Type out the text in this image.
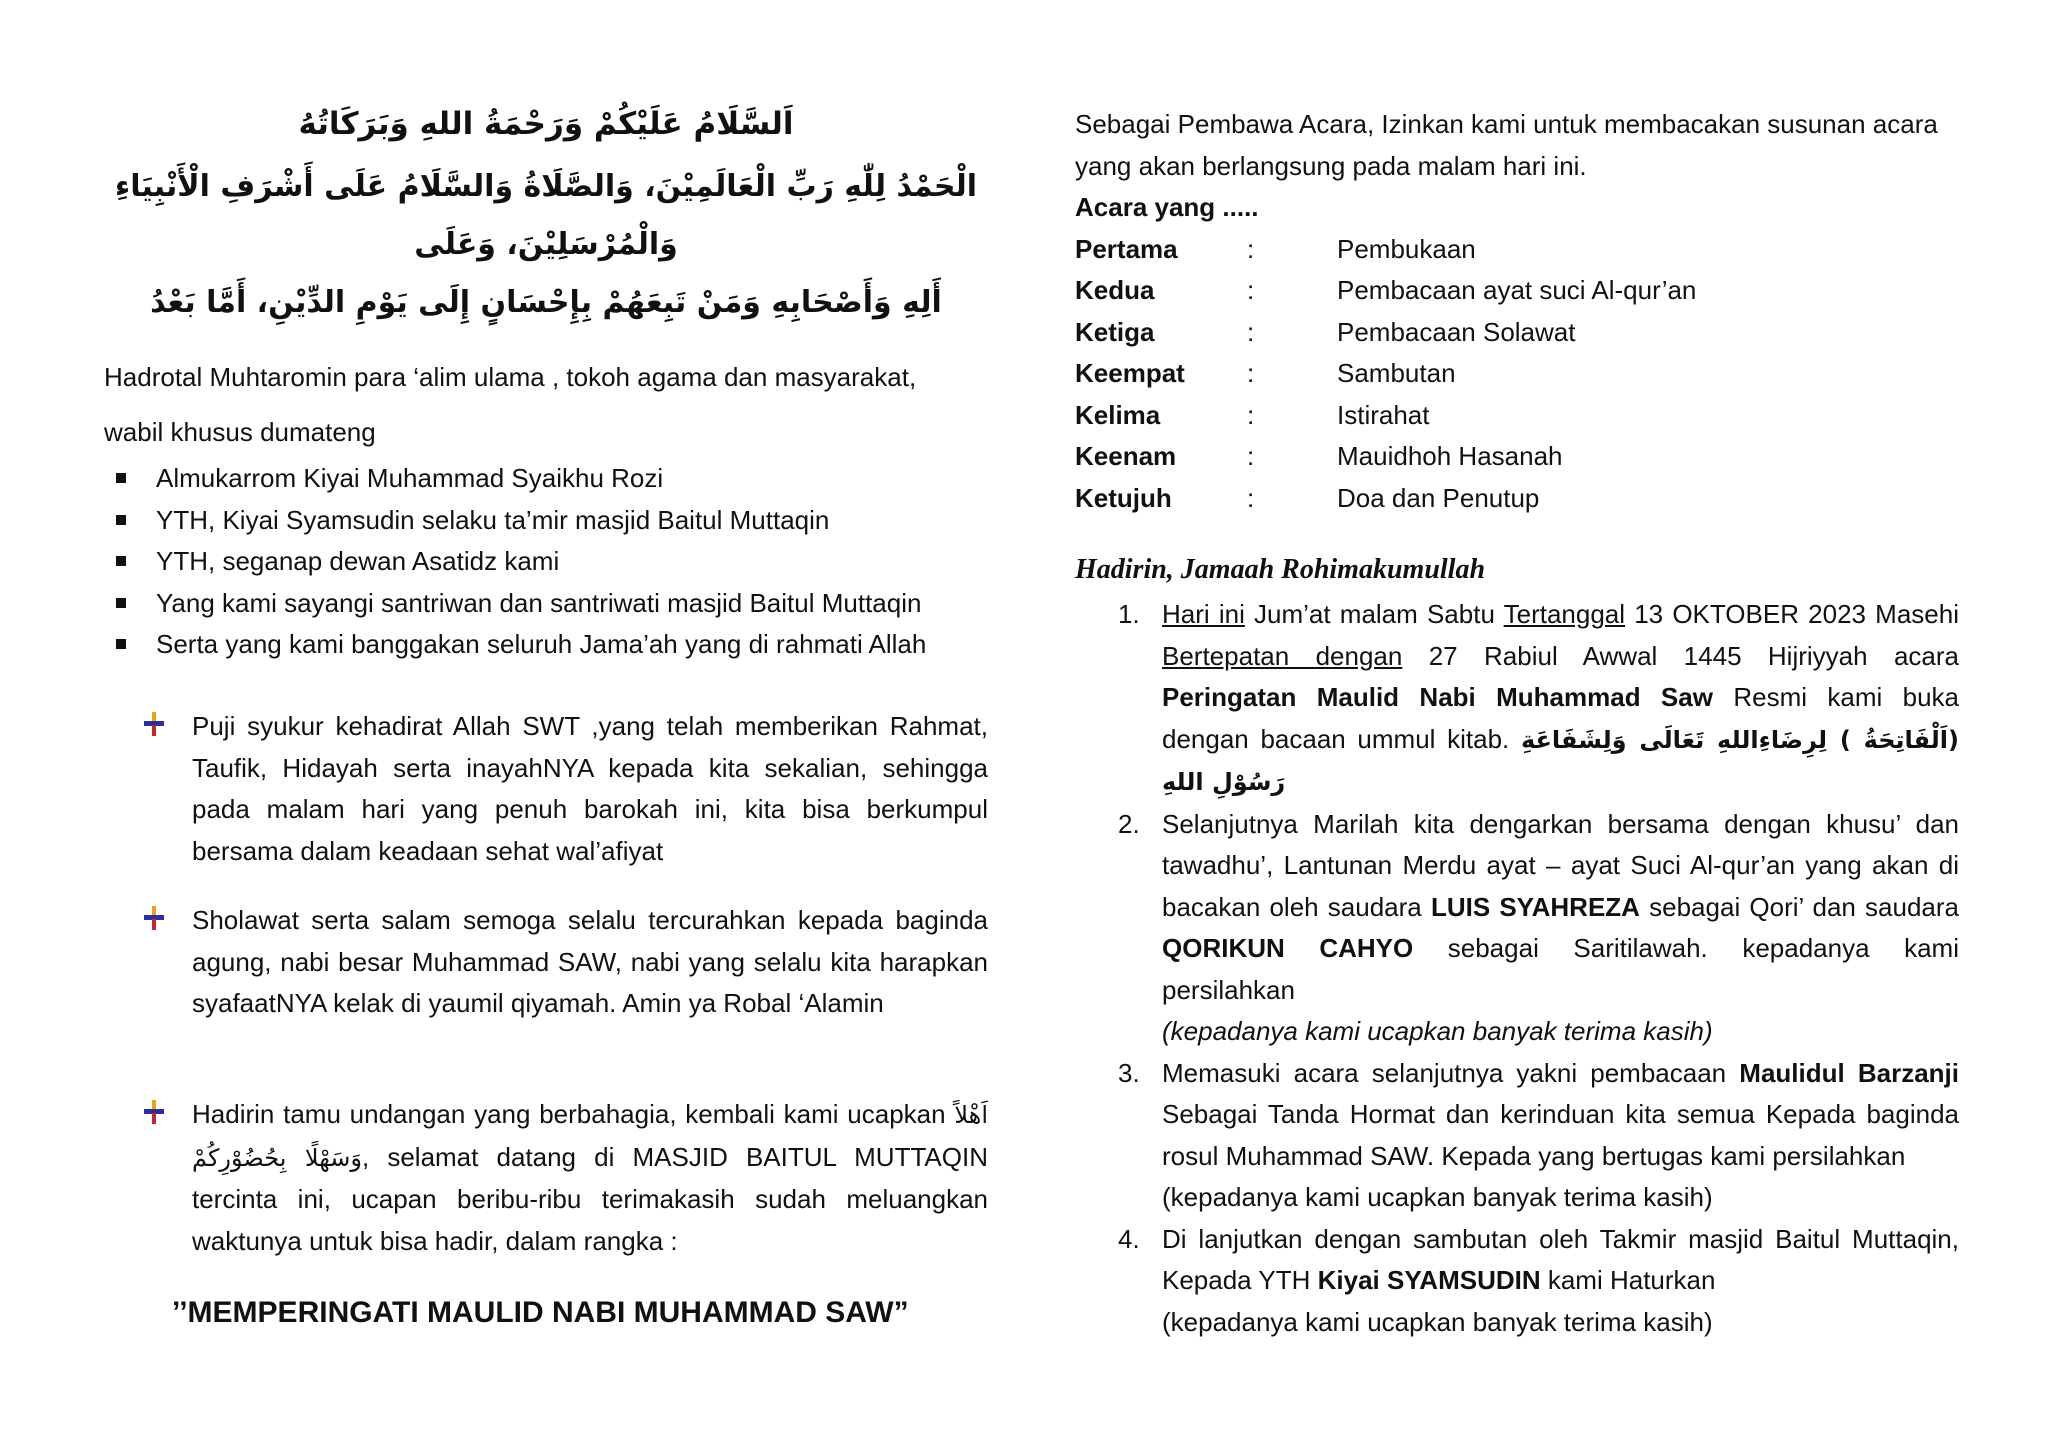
اَلسَّلَامُ عَلَيْكُمْ وَرَحْمَةُ اللهِ وَبَرَكَاتُهُ

الْحَمْدُ لِلّٰهِ رَبِّ الْعَالَمِيْنَ، وَالصَّلَاةُ وَالسَّلَامُ عَلَى أَشْرَفِ الْأَنْبِيَاءِ وَالْمُرْسَلِيْنَ، وَعَلَى
أَلِهِ وَأَصْحَابِهِ وَمَنْ تَبِعَهُمْ بِإِحْسَانٍ إِلَى يَوْمِ الدِّيْنِ، أَمَّا بَعْدُ

Hadrotal Muhtaromin para ‘alim ulama , tokoh agama dan masyarakat,
wabil khusus dumateng

Almukarrom Kiyai Muhammad Syaikhu Rozi
YTH, Kiyai Syamsudin selaku ta’mir masjid Baitul Muttaqin
YTH, seganap dewan Asatidz kami
Yang kami sayangi santriwan dan santriwati masjid Baitul Muttaqin
Serta yang kami banggakan seluruh Jama’ah yang di rahmati Allah
Puji syukur kehadirat Allah SWT ,yang telah memberikan Rahmat, Taufik, Hidayah serta inayahNYA kepada kita sekalian, sehingga pada malam hari yang penuh barokah ini, kita bisa berkumpul bersama dalam keadaan sehat wal’afiyat
Sholawat serta salam semoga selalu tercurahkan kepada baginda agung, nabi besar Muhammad SAW, nabi yang selalu kita harapkan syafaatNYA kelak di yaumil qiyamah. Amin ya Robal ‘Alamin
Hadirin tamu undangan yang berbahagia, kembali kami ucapkan اَهْلاً وَسَهْلًا بِحُضُوْرِكُمْ, selamat datang di MASJID BAITUL MUTTAQIN tercinta ini, ucapan beribu-ribu terimakasih sudah meluangkan waktunya untuk bisa hadir, dalam rangka :

’’MEMPERINGATI MAULID NABI MUHAMMAD SAW”

Sebagai Pembawa Acara, Izinkan kami untuk membacakan susunan acara yang akan berlangsung pada malam hari ini.

Acara yang .....

Pertama	:	Pembukaan
Kedua	:	Pembacaan ayat suci Al-qur’an
Ketiga	:	Pembacaan Solawat
Keempat	:	Sambutan
Kelima	:	Istirahat
Keenam	:	Mauidhoh Hasanah
Ketujuh	:	Doa dan Penutup

Hadirin, Jamaah Rohimakumullah

1. Hari ini Jum’at malam Sabtu Tertanggal 13 OKTOBER 2023 Masehi Bertepatan dengan 27 Rabiul Awwal 1445 Hijriyyah acara Peringatan Maulid Nabi Muhammad Saw Resmi kami buka dengan bacaan ummul kitab. (اَلْفَاتِحَةُ ) لِرِضَاءِاللهِ تَعَالَى وَلِشَفَاعَةِ رَسُوْلِ اللهِ
2. Selanjutnya Marilah kita dengarkan bersama dengan khusu’ dan tawadhu’, Lantunan Merdu ayat – ayat Suci Al-qur’an yang akan di bacakan oleh saudara LUIS SYAHREZA sebagai Qori’ dan saudara QORIKUN CAHYO sebagai Saritilawah. kepadanya kami persilahkan
(kepadanya kami ucapkan banyak terima kasih)
3. Memasuki acara selanjutnya yakni pembacaan Maulidul Barzanji Sebagai Tanda Hormat dan kerinduan kita semua Kepada baginda rosul Muhammad SAW. Kepada yang bertugas kami persilahkan
(kepadanya kami ucapkan banyak terima kasih)
4. Di lanjutkan dengan sambutan oleh Takmir masjid Baitul Muttaqin, Kepada YTH Kiyai SYAMSUDIN kami Haturkan
(kepadanya kami ucapkan banyak terima kasih)
